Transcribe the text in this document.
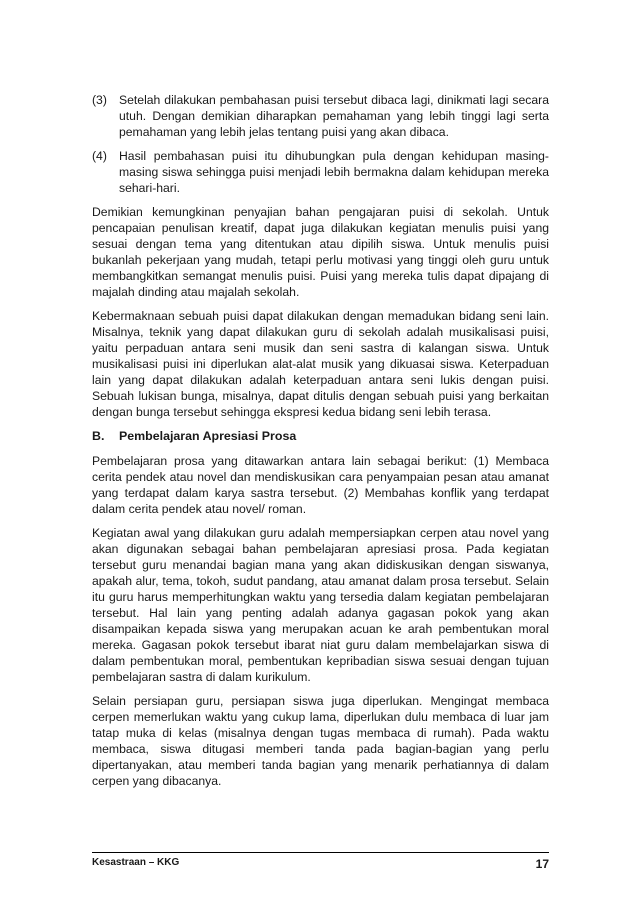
(3) Setelah dilakukan pembahasan puisi tersebut dibaca lagi, dinikmati lagi secara utuh. Dengan demikian diharapkan pemahaman yang lebih tinggi lagi serta pemahaman yang lebih jelas tentang puisi yang akan dibaca.

(4) Hasil pembahasan puisi itu dihubungkan pula dengan kehidupan masing-masing siswa sehingga puisi menjadi lebih bermakna dalam kehidupan mereka sehari-hari.

Demikian kemungkinan penyajian bahan pengajaran puisi di sekolah. Untuk pencapaian penulisan kreatif, dapat juga dilakukan kegiatan menulis puisi yang sesuai dengan tema yang ditentukan atau dipilih siswa. Untuk menulis puisi bukanlah pekerjaan yang mudah, tetapi perlu motivasi yang tinggi oleh guru untuk membangkitkan semangat menulis puisi. Puisi yang mereka tulis dapat dipajang di majalah dinding atau majalah sekolah.

Kebermaknaan sebuah puisi dapat dilakukan dengan memadukan bidang seni lain. Misalnya, teknik yang dapat dilakukan guru di sekolah adalah musikalisasi puisi, yaitu perpaduan antara seni musik dan seni sastra di kalangan siswa. Untuk musikalisasi puisi ini diperlukan alat-alat musik yang dikuasai siswa. Keterpaduan lain yang dapat dilakukan adalah keterpaduan antara seni lukis dengan puisi. Sebuah lukisan bunga, misalnya, dapat ditulis dengan sebuah puisi yang berkaitan dengan bunga tersebut sehingga ekspresi kedua bidang seni lebih terasa.

B.	Pembelajaran Apresiasi Prosa

Pembelajaran prosa yang ditawarkan antara lain sebagai berikut: (1) Membaca cerita pendek atau novel dan mendiskusikan cara penyampaian pesan atau amanat yang terdapat dalam karya sastra tersebut. (2) Membahas konflik yang terdapat dalam cerita pendek atau novel/ roman.

Kegiatan awal yang dilakukan guru adalah mempersiapkan cerpen atau novel yang akan digunakan sebagai bahan pembelajaran apresiasi prosa. Pada kegiatan tersebut guru menandai bagian mana yang akan didiskusikan dengan siswanya, apakah alur, tema, tokoh, sudut pandang, atau amanat dalam prosa tersebut. Selain itu guru harus memperhitungkan waktu yang tersedia dalam kegiatan pembelajaran tersebut. Hal lain yang penting adalah adanya gagasan pokok yang akan disampaikan kepada siswa yang merupakan acuan ke arah pembentukan moral mereka. Gagasan pokok tersebut ibarat niat guru dalam membelajarkan siswa di dalam pembentukan moral, pembentukan kepribadian siswa sesuai dengan tujuan pembelajaran sastra di dalam kurikulum.

Selain persiapan guru, persiapan siswa juga diperlukan. Mengingat membaca cerpen memerlukan waktu yang cukup lama, diperlukan dulu membaca di luar jam tatap muka di kelas (misalnya dengan tugas membaca di rumah). Pada waktu membaca, siswa ditugasi memberi tanda pada bagian-bagian yang perlu dipertanyakan, atau memberi tanda bagian yang menarik perhatiannya di dalam cerpen yang dibacanya.

Kesastraan – KKG	17
